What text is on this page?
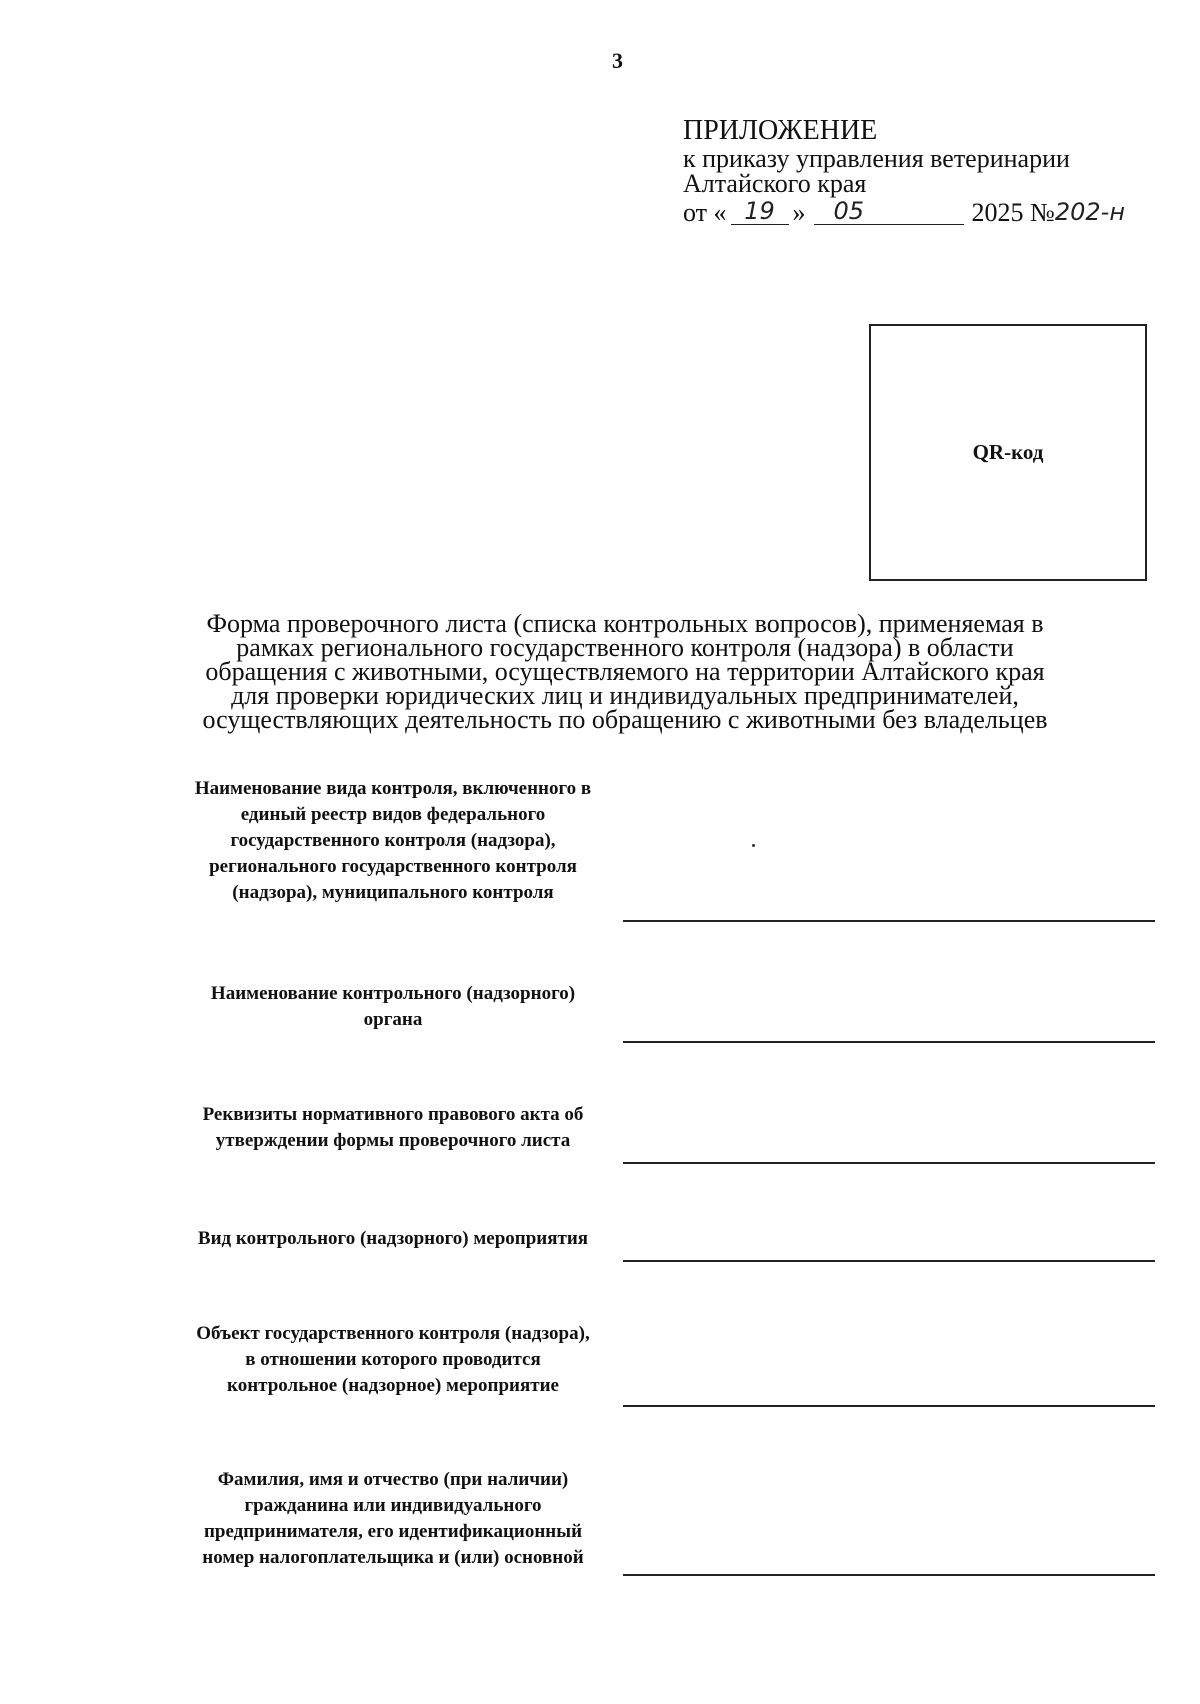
3
ПРИЛОЖЕНИЕ
к приказу управления ветеринарии
Алтайского края
от « 19 »	05	2025 № 202-н
QR-код
Форма проверочного листа (списка контрольных вопросов), применяемая в
рамках регионального государственного контроля (надзора) в области
обращения с животными, осуществляемого на территории Алтайского края
для проверки юридических лиц и индивидуальных предпринимателей,
осуществляющих деятельность по обращению с животными без владельцев
Наименование вида контроля, включенного в
единый реестр видов федерального
государственного контроля (надзора),
регионального государственного контроля
(надзора), муниципального контроля
Наименование контрольного (надзорного)
органа
Реквизиты нормативного правового акта об
утверждении формы проверочного листа
Вид контрольного (надзорного) мероприятия
Объект государственного контроля (надзора),
в отношении которого проводится
контрольное (надзорное) мероприятие
Фамилия, имя и отчество (при наличии)
гражданина или индивидуального
предпринимателя, его идентификационный
номер налогоплательщика и (или) основной
